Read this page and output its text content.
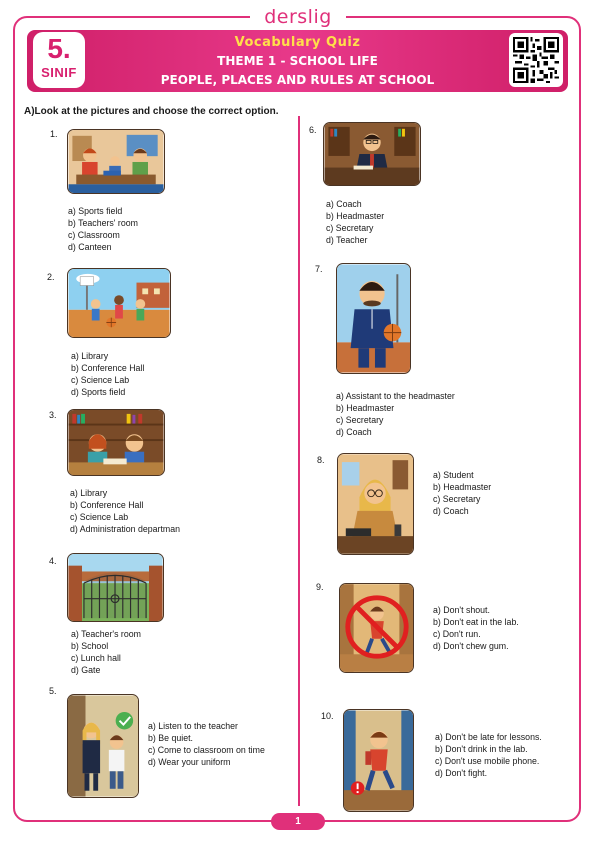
derslig
5.
SINIF
Vocabulary Quiz
THEME 1 - SCHOOL LIFE
PEOPLE, PLACES AND RULES AT SCHOOL
A)Look at the pictures and choose the correct option.
1.
a) Sports field
b) Teachers' room
c) Classroom
d) Canteen
2.
a) Library
b) Conference Hall
c) Science Lab
d) Sports field
3.
a) Library
b) Conference Hall
c) Science Lab
d) Administration departman
4.
a) Teacher's room
b) School
c) Lunch hall
d) Gate
5.
a) Listen to the teacher
b) Be quiet.
c) Come to classroom on time
d) Wear your uniform
6.
a) Coach
b) Headmaster
c) Secretary
d) Teacher
7.
a) Assistant to the headmaster
b) Headmaster
c) Secretary
d) Coach
8.
a) Student
b) Headmaster
c) Secretary
d) Coach
9.
a) Don't shout.
b) Don't eat in the lab.
c) Don't run.
d) Don't chew gum.
10.
a) Don't be late for lessons.
b) Don't drink in the lab.
c) Don't use mobile phone.
d) Don't fight.
1
